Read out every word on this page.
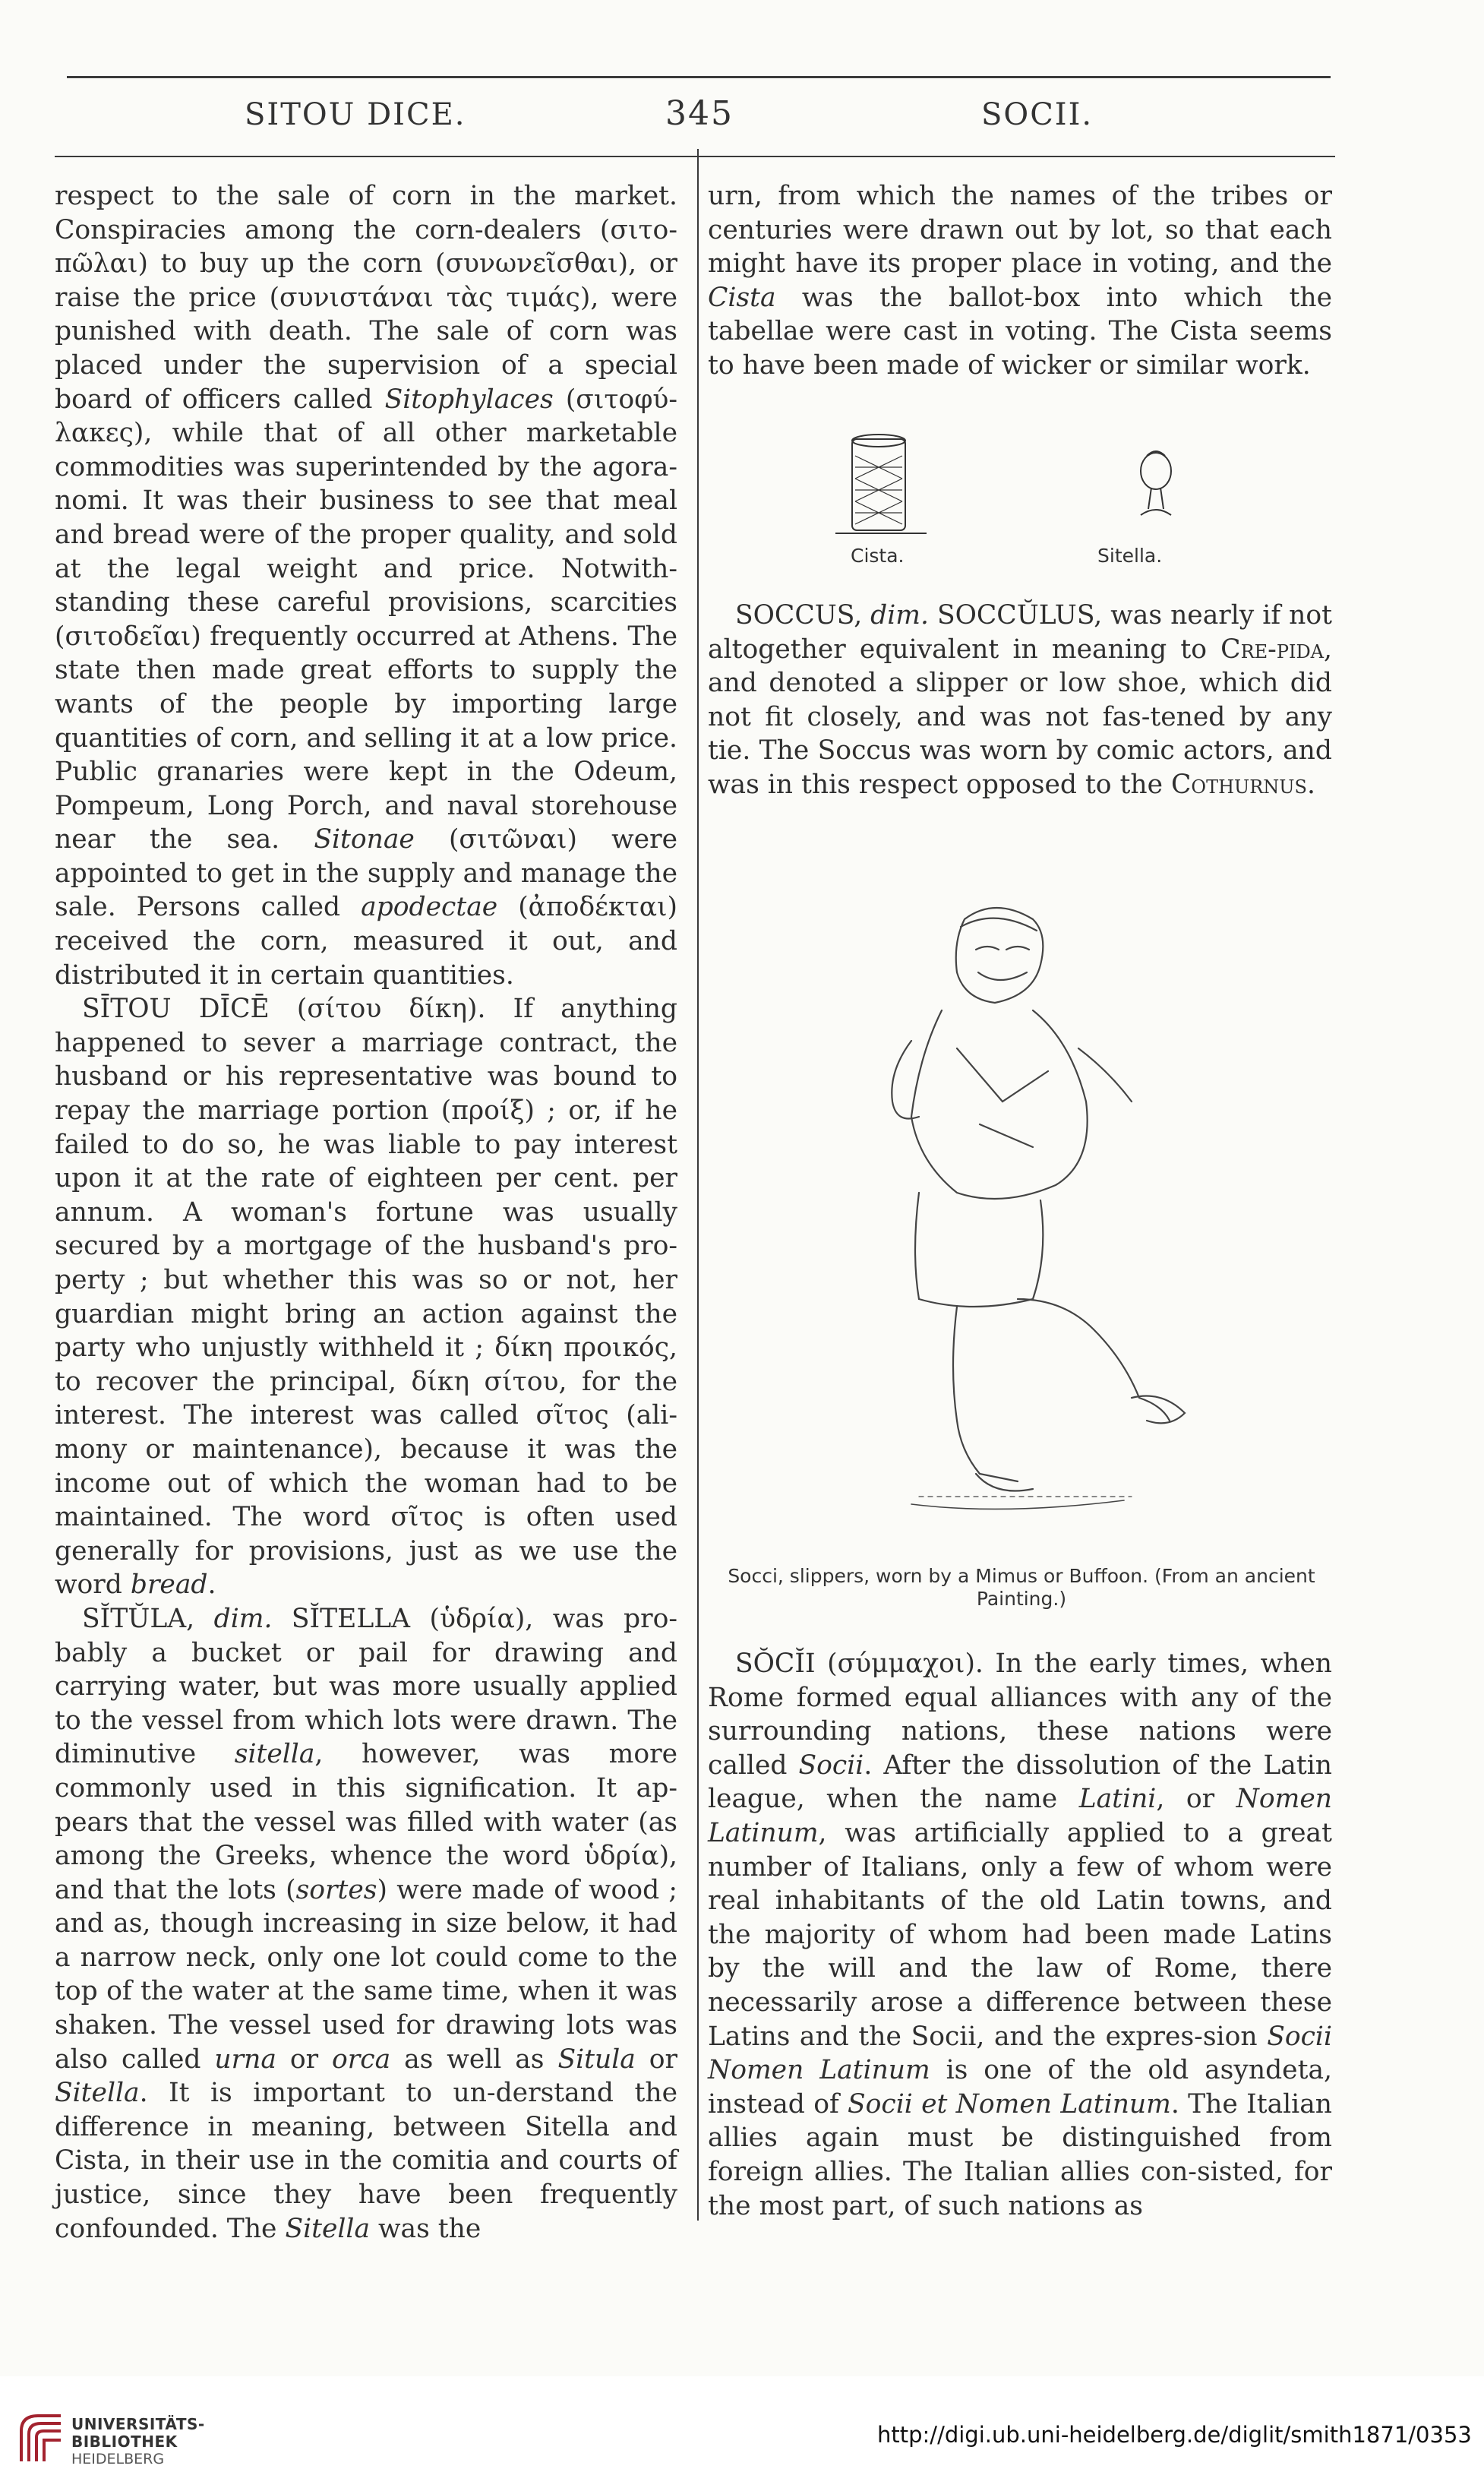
SITOU DICE.	345	SOCII.

respect to the sale of corn in the market. Conspiracies among the corn-dealers (σιτο-πῶλαι) to buy up the corn (συνωνεῖσθαι), or raise the price (συνιστάναι τὰς τιμάς), were punished with death. The sale of corn was placed under the supervision of a special board of officers called Sitophylaces (σιτοφύ-λακες), while that of all other marketable commodities was superintended by the agora-nomi. It was their business to see that meal and bread were of the proper quality, and sold at the legal weight and price. Notwith-standing these careful provisions, scarcities (σιτοδεῖαι) frequently occurred at Athens. The state then made great efforts to supply the wants of the people by importing large quantities of corn, and selling it at a low price. Public granaries were kept in the Odeum, Pompeum, Long Porch, and naval storehouse near the sea. Sitonae (σιτῶναι) were appointed to get in the supply and manage the sale. Persons called apodectae (ἀποδέκται) received the corn, measured it out, and distributed it in certain quantities.

SĪTOU DĪCĒ (σίτου δίκη). If anything happened to sever a marriage contract, the husband or his representative was bound to repay the marriage portion (προίξ) ; or, if he failed to do so, he was liable to pay interest upon it at the rate of eighteen per cent. per annum. A woman's fortune was usually secured by a mortgage of the husband's pro-perty ; but whether this was so or not, her guardian might bring an action against the party who unjustly withheld it ; δίκη προικός, to recover the principal, δίκη σίτου, for the interest. The interest was called σῖτος (ali-mony or maintenance), because it was the income out of which the woman had to be maintained. The word σῖτος is often used generally for provisions, just as we use the word bread.

SĬTŬLA, dim. SĬTELLA (ὑδρία), was pro-bably a bucket or pail for drawing and carrying water, but was more usually applied to the vessel from which lots were drawn. The diminutive sitella, however, was more commonly used in this signification. It ap-pears that the vessel was filled with water (as among the Greeks, whence the word ὑδρία), and that the lots (sortes) were made of wood ; and as, though increasing in size below, it had a narrow neck, only one lot could come to the top of the water at the same time, when it was shaken. The vessel used for drawing lots was also called urna or orca as well as Situla or Sitella. It is important to un-derstand the difference in meaning, between Sitella and Cista, in their use in the comitia and courts of justice, since they have been frequently confounded. The Sitella was the

urn, from which the names of the tribes or centuries were drawn out by lot, so that each might have its proper place in voting, and the Cista was the ballot-box into which the tabellae were cast in voting. The Cista seems to have been made of wicker or similar work.

Cista.	Sitella.

SOCCUS, dim. SOCCŬLUS, was nearly if not altogether equivalent in meaning to Cre-pida, and denoted a slipper or low shoe, which did not fit closely, and was not fas-tened by any tie. The Soccus was worn by comic actors, and was in this respect opposed to the Cothurnus.

Socci, slippers, worn by a Mimus or Buffoon. (From an ancient Painting.)

SŎCĬI (σύμμαχοι). In the early times, when Rome formed equal alliances with any of the surrounding nations, these nations were called Socii. After the dissolution of the Latin league, when the name Latini, or Nomen Latinum, was artificially applied to a great number of Italians, only a few of whom were real inhabitants of the old Latin towns, and the majority of whom had been made Latins by the will and the law of Rome, there necessarily arose a difference between these Latins and the Socii, and the expres-sion Socii Nomen Latinum is one of the old asyndeta, instead of Socii et Nomen Latinum. The Italian allies again must be distinguished from foreign allies. The Italian allies con-sisted, for the most part, of such nations as

UNIVERSITÄTS-
BIBLIOTHEK
HEIDELBERG
http://digi.ub.uni-heidelberg.de/diglit/smith1871/0353
